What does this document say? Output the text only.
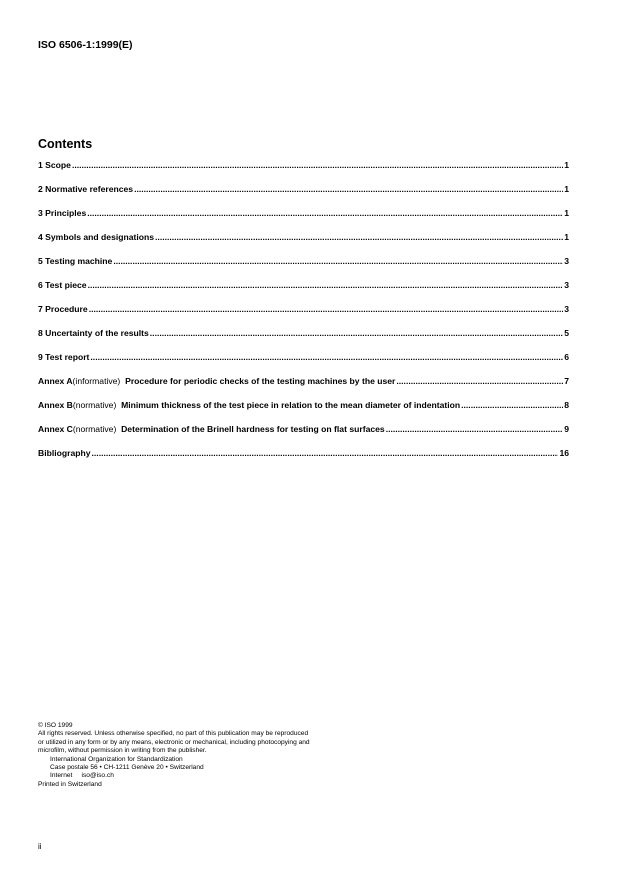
ISO 6506-1:1999(E)
Contents
1 Scope .....	1
2 Normative references .....	1
3 Principles .....	1
4 Symbols and designations .....	1
5 Testing machine .....	3
6 Test piece .....	3
7 Procedure .....	3
8 Uncertainty of the results .....	5
9 Test report .....	6
Annex A (informative) Procedure for periodic checks of the testing machines by the user .....	7
Annex B (normative) Minimum thickness of the test piece in relation to the mean diameter of indentation .....	8
Annex C (normative) Determination of the Brinell hardness for testing on flat surfaces .....	9
Bibliography .....	16
© ISO 1999
All rights reserved. Unless otherwise specified, no part of this publication may be reproduced
or utilized in any form or by any means, electronic or mechanical, including photocopying and
microfilm, without permission in writing from the publisher.
International Organization for Standardization
Case postale 56 • CH-1211 Genève 20 • Switzerland
Internet     iso@iso.ch
Printed in Switzerland
ii
